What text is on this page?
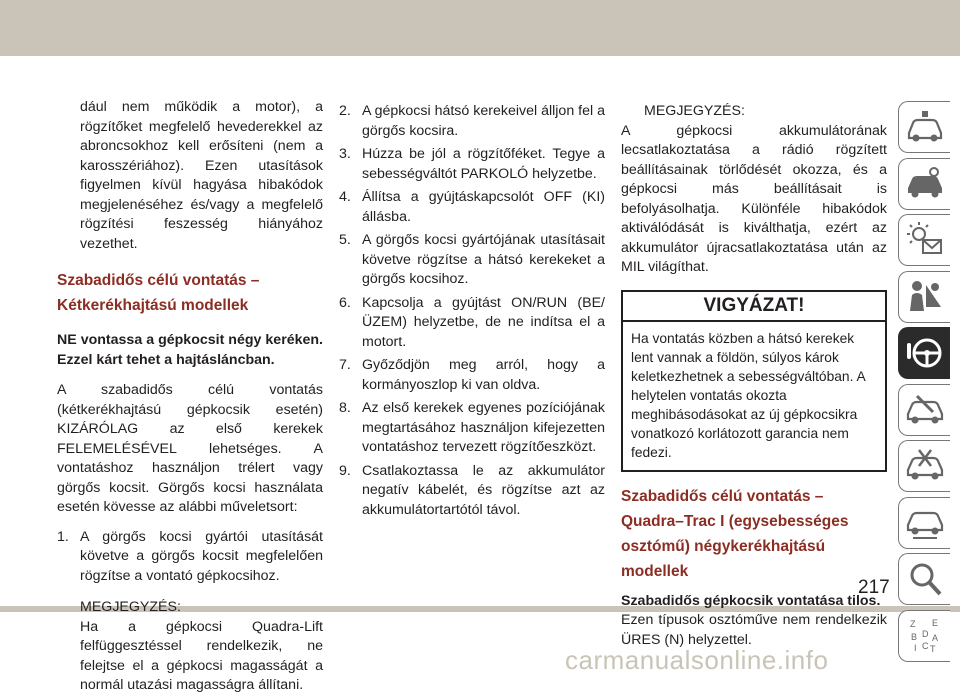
dául nem működik a motor), a rögzítőket megfelelő hevederekkel az abroncsokhoz kell erősíteni (nem a karosszériához). Ezen utasítások figyelmen kívül hagyása hibakódok megjelenéséhez és/vagy a megfelelő rögzítési feszesség hiányához vezethet.

Szabadidős célú vontatás – Kétkerékhajtású modellek

NE vontassa a gépkocsit négy keréken. Ezzel kárt tehet a hajtásláncban.

A szabadidős célú vontatás (kétkerékhajtású gépkocsik esetén) KIZÁRÓLAG az első kerekek FELEMELÉSÉVEL lehetséges. A vontatáshoz használjon trélert vagy görgős kocsit. Görgős kocsi használata esetén kövesse az alábbi műveletsort:

1. A görgős kocsi gyártói utasítását követve a görgős kocsit megfelelően rögzítse a vontató gépkocsihoz.
MEGJEGYZÉS:

Ha a gépkocsi Quadra-Lift felfüggesztéssel rendelkezik, ne felejtse el a gépkocsi magasságát a normál utazási magasságra állítani.

2. A gépkocsi hátsó kerekeivel álljon fel a görgős kocsira.
3. Húzza be jól a rögzítőféket. Tegye a sebességváltót PARKOLÓ helyzetbe.
4. Állítsa a gyújtáskapcsolót OFF (KI) állásba.
5. A görgős kocsi gyártójának utasításait követve rögzítse a hátsó kerekeket a görgős kocsihoz.
6. Kapcsolja a gyújtást ON/RUN (BE/ÜZEM) helyzetbe, de ne indítsa el a motort.
7. Győződjön meg arról, hogy a kormányoszlop ki van oldva.
8. Az első kerekek egyenes pozíciójának megtartásához használjon kifejezetten vontatáshoz tervezett rögzítőeszközt.
9. Csatlakoztassa le az akkumulátor negatív kábelét, és rögzítse azt az akkumulátortartótól távol.
MEGJEGYZÉS:

A gépkocsi akkumulátorának lecsatlakoztatása a rádió rögzített beállításainak törlődését okozza, és a gépkocsi más beállításait is befolyásolhatja. Különféle hibakódok aktiválódását is kiválthatja, ezért az akkumulátor újracsatlakoztatása után az MIL világíthat.

VIGYÁZAT!
Ha vontatás közben a hátsó kerekek lent vannak a földön, súlyos károk keletkezhetnek a sebességváltóban. A helytelen vontatás okozta meghibásodásokat az új gépkocsikra vonatkozó korlátozott garancia nem fedezi.
Szabadidős célú vontatás – Quadra–Trac I (egysebességes osztómű) négykerékhajtású modellek

Szabadidős gépkocsik vontatása tilos.

Ezen típusok osztóműve nem rendelkezik ÜRES (N) helyzettel.

Z E
B D A
I C T
217
carmanualsonline.info
